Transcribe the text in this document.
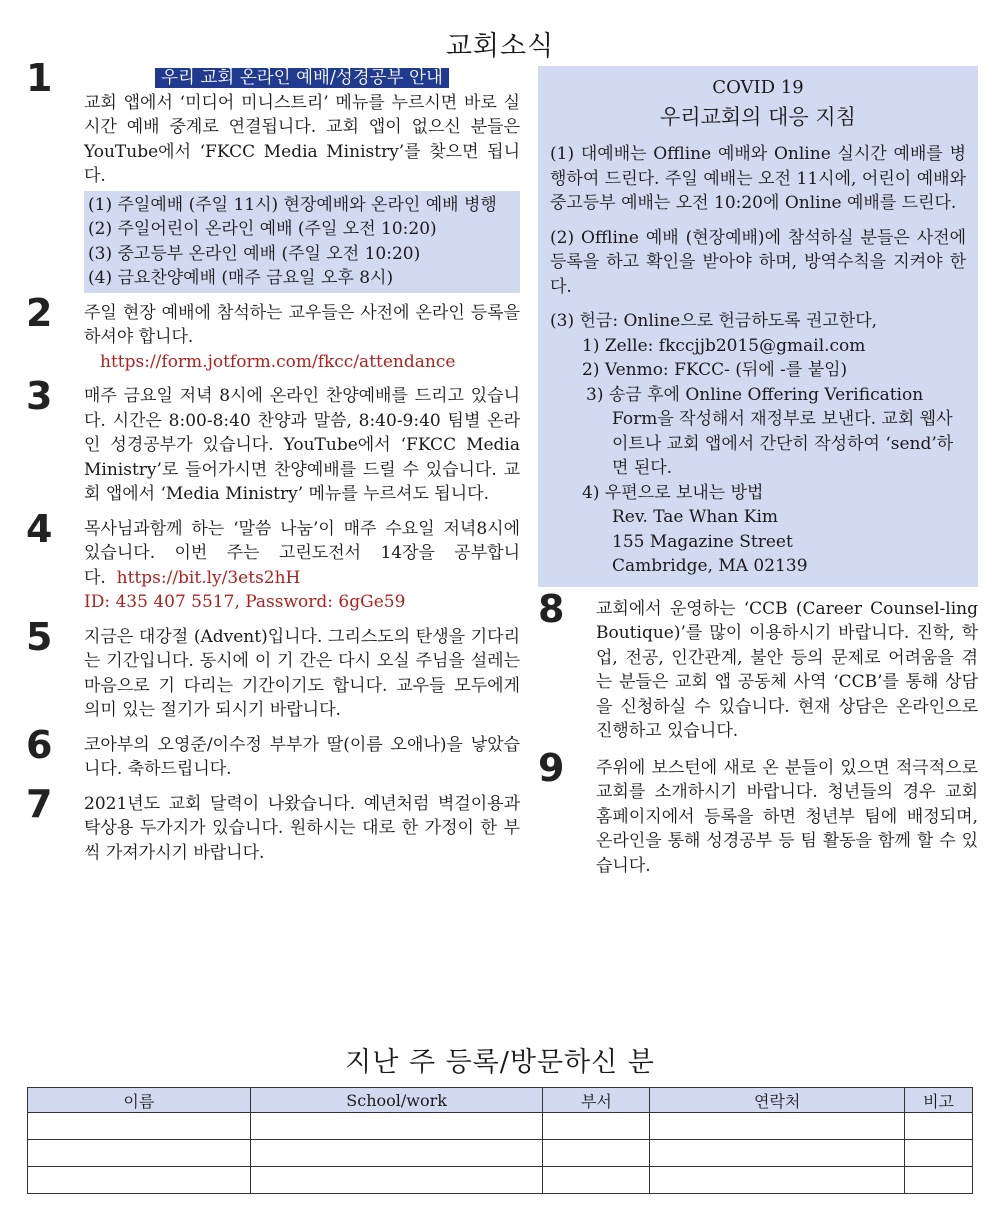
교회소식
1	우리 교회 온라인 예배/성경공부 안내

교회 앱에서 ‘미디어 미니스트리’ 메뉴를 누르시면 바로 실시간 예배 중계로 연결됩니다. 교회 앱이 없으신 분들은 YouTube에서 ‘FKCC Media Ministry’를 찾으면 됩니다.

(1) 주일예배 (주일 11시) 현장예배와 온라인 예배 병행
(2) 주일어린이 온라인 예배 (주일 오전 10:20)
(3) 중고등부 온라인 예배 (주일 오전 10:20)
(4) 금요찬양예배 (매주 금요일 오후 8시)
2	주일 현장 예배에 참석하는 교우들은 사전에 온라인 등록을 하셔야 합니다.

https://form.jotform.com/fkcc/attendance

3	매주 금요일 저녁 8시에 온라인 찬양예배를 드리고 있습니다. 시간은 8:00-8:40 찬양과 말씀, 8:40-9:40 팀별 온라인 성경공부가 있습니다. YouTube에서 ‘FKCC Media Ministry’로 들어가시면 찬양예배를 드릴 수 있습니다. 교회 앱에서 ‘Media Ministry’ 메뉴를 누르셔도 됩니다.

4	목사님과함께 하는 ‘말씀 나눔’이 매주 수요일 저녁8시에 있습니다. 이번 주는 고린도전서 14장을 공부합니다. https://bit.ly/3ets2hH

ID: 435 407 5517, Password: 6gGe59

5	지금은 대강절 (Advent)입니다. 그리스도의 탄생을 기다리는 기간입니다. 동시에 이 기 간은 다시 오실 주님을 설레는 마음으로 기 다리는 기간이기도 합니다. 교우들 모두에게 의미 있는 절기가 되시기 바랍니다.

6	코아부의 오영준/이수정 부부가 딸(이름 오애나)을 낳았습니다. 축하드립니다.

7	2021년도 교회 달력이 나왔습니다. 예년처럼 벽걸이용과 탁상용 두가지가 있습니다. 원하시는 대로 한 가정이 한 부씩 가져가시기 바랍니다.

COVID 19
우리교회의 대응 지침
(1) 대예배는 Offline 예배와 Online 실시간 예배를 병행하여 드린다. 주일 예배는 오전 11시에, 어린이 예배와 중고등부 예배는 오전 10:20에 Online 예배를 드린다.
(2) Offline 예배 (현장예배)에 참석하실 분들은 사전에 등록을 하고 확인을 받아야 하며, 방역수칙을 지켜야 한다.
(3) 헌금: Online으로 헌금하도록 권고한다,
1) Zelle: fkccjjb2015@gmail.com
2) Venmo: FKCC- (뒤에 -를 붙임)
3) 송금 후에 Online Offering Verification Form을 작성해서 재정부로 보낸다. 교회 웹사이트나 교회 앱에서 간단히 작성하여 ‘send’하면 된다.
4) 우편으로 보내는 방법
Rev. Tae Whan Kim
155 Magazine Street
Cambridge, MA 02139
8	교회에서 운영하는 ‘CCB (Career Counsel-ling Boutique)’를 많이 이용하시기 바랍니다. 진학, 학업, 전공, 인간관계, 불안 등의 문제로 어려움을 겪는 분들은 교회 앱 공동체 사역 ‘CCB’를 통해 상담을 신청하실 수 있습니다. 현재 상담은 온라인으로 진행하고 있습니다.

9	주위에 보스턴에 새로 온 분들이 있으면 적극적으로 교회를 소개하시기 바랍니다. 청년들의 경우 교회 홈페이지에서 등록을 하면 청년부 팀에 배정되며, 온라인을 통해 성경공부 등 팀 활동을 함께 할 수 있습니다.

지난 주 등록/방문하신 분
이름	School/work	부서	연락처	비고
